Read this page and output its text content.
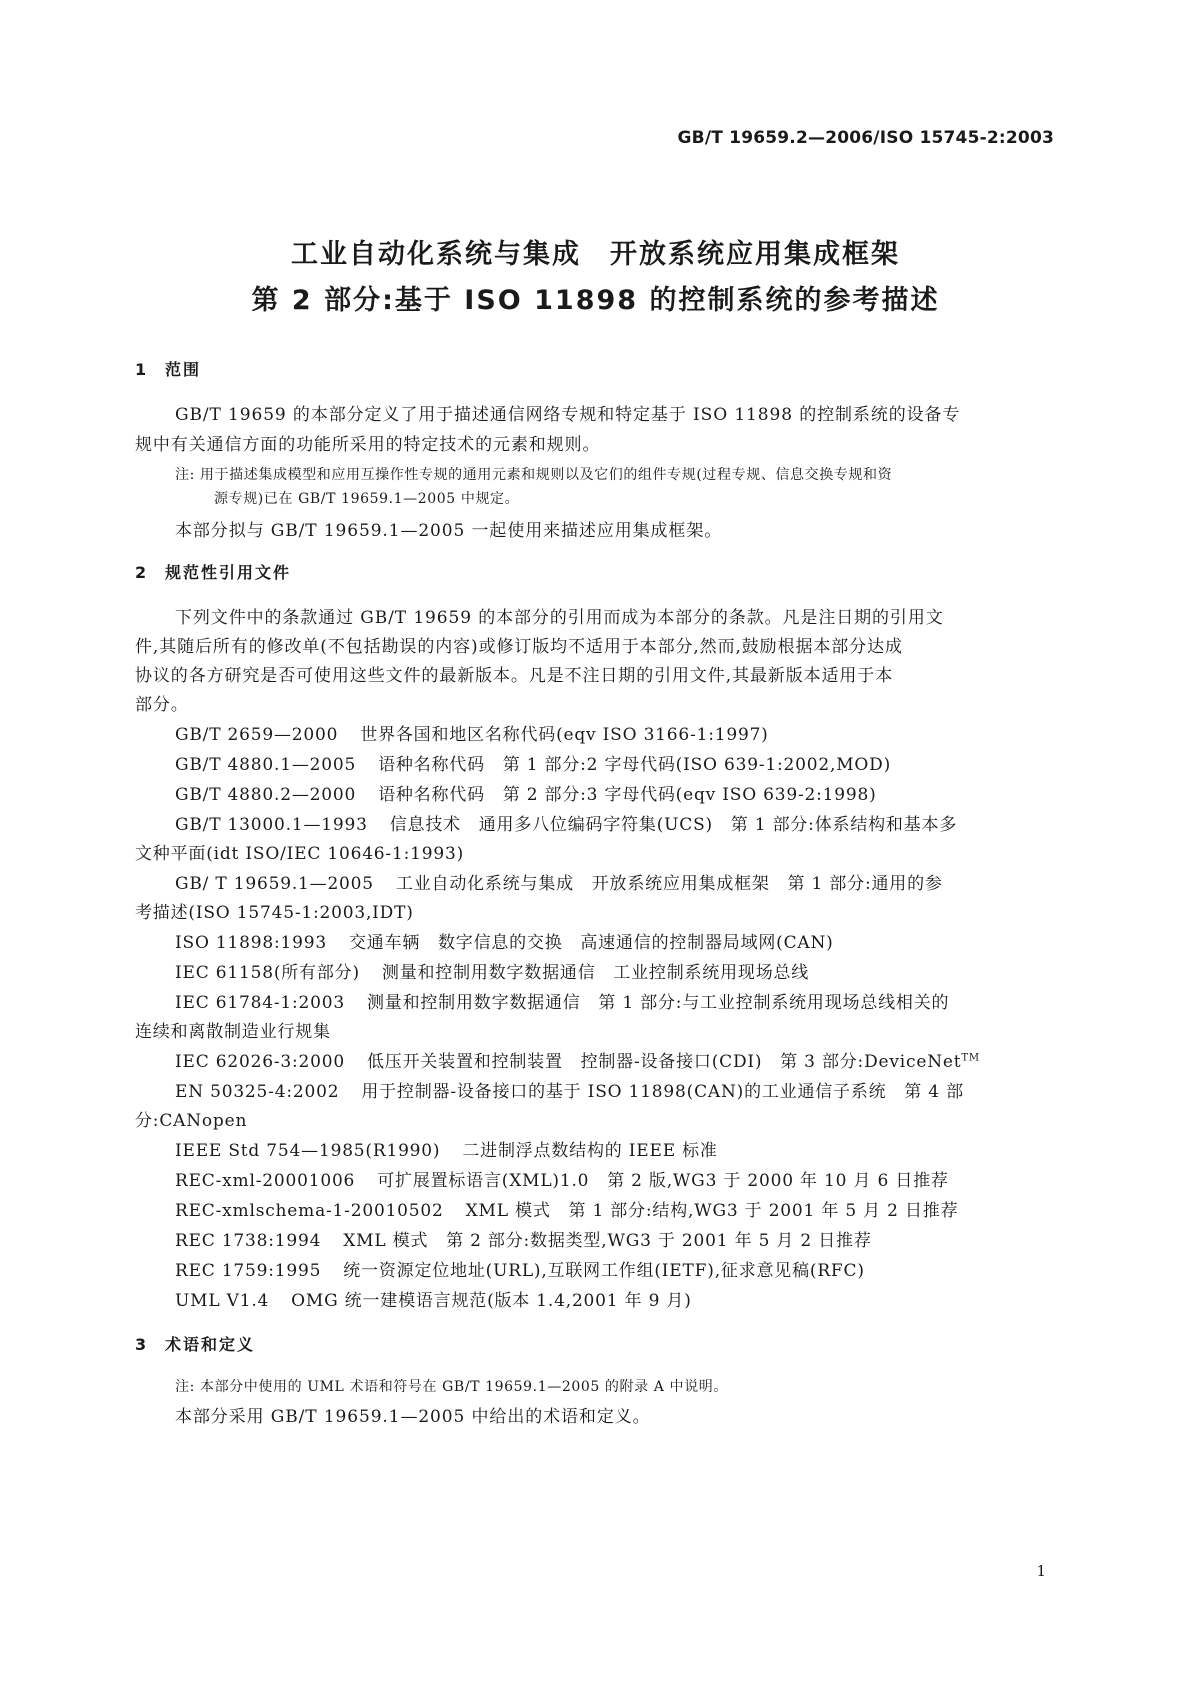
GB/T 19659.2—2006/ISO 15745-2:2003
工业自动化系统与集成　开放系统应用集成框架
第 2 部分:基于 ISO 11898 的控制系统的参考描述
1 范围
GB/T 19659 的本部分定义了用于描述通信网络专规和特定基于 ISO 11898 的控制系统的设备专
规中有关通信方面的功能所采用的特定技术的元素和规则。
注: 用于描述集成模型和应用互操作性专规的通用元素和规则以及它们的组件专规(过程专规、信息交换专规和资
源专规)已在 GB/T 19659.1—2005 中规定。
本部分拟与 GB/T 19659.1—2005 一起使用来描述应用集成框架。
2 规范性引用文件
下列文件中的条款通过 GB/T 19659 的本部分的引用而成为本部分的条款。凡是注日期的引用文
件,其随后所有的修改单(不包括勘误的内容)或修订版均不适用于本部分,然而,鼓励根据本部分达成
协议的各方研究是否可使用这些文件的最新版本。凡是不注日期的引用文件,其最新版本适用于本
部分。
GB/T 2659—2000 世界各国和地区名称代码(eqv ISO 3166-1:1997)
GB/T 4880.1—2005 语种名称代码　第 1 部分:2 字母代码(ISO 639-1:2002,MOD)
GB/T 4880.2—2000 语种名称代码　第 2 部分:3 字母代码(eqv ISO 639-2:1998)
GB/T 13000.1—1993 信息技术　通用多八位编码字符集(UCS)　第 1 部分:体系结构和基本多
文种平面(idt ISO/IEC 10646-1:1993)
GB/ T 19659.1—2005 工业自动化系统与集成　开放系统应用集成框架　第 1 部分:通用的参
考描述(ISO 15745-1:2003,IDT)
ISO 11898:1993 交通车辆　数字信息的交换　高速通信的控制器局域网(CAN)
IEC 61158(所有部分) 测量和控制用数字数据通信　工业控制系统用现场总线
IEC 61784-1:2003 测量和控制用数字数据通信　第 1 部分:与工业控制系统用现场总线相关的
连续和离散制造业行规集
IEC 62026-3:2000 低压开关装置和控制装置　控制器-设备接口(CDI)　第 3 部分:DeviceNet™
EN 50325-4:2002 用于控制器-设备接口的基于 ISO 11898(CAN)的工业通信子系统　第 4 部
分:CANopen
IEEE Std 754—1985(R1990) 二进制浮点数结构的 IEEE 标准
REC-xml-20001006 可扩展置标语言(XML)1.0　第 2 版,WG3 于 2000 年 10 月 6 日推荐
REC-xmlschema-1-20010502 XML 模式　第 1 部分:结构,WG3 于 2001 年 5 月 2 日推荐
REC 1738:1994 XML 模式　第 2 部分:数据类型,WG3 于 2001 年 5 月 2 日推荐
REC 1759:1995 统一资源定位地址(URL),互联网工作组(IETF),征求意见稿(RFC)
UML V1.4 OMG 统一建模语言规范(版本 1.4,2001 年 9 月)
3 术语和定义
注: 本部分中使用的 UML 术语和符号在 GB/T 19659.1—2005 的附录 A 中说明。
本部分采用 GB/T 19659.1—2005 中给出的术语和定义。
1
